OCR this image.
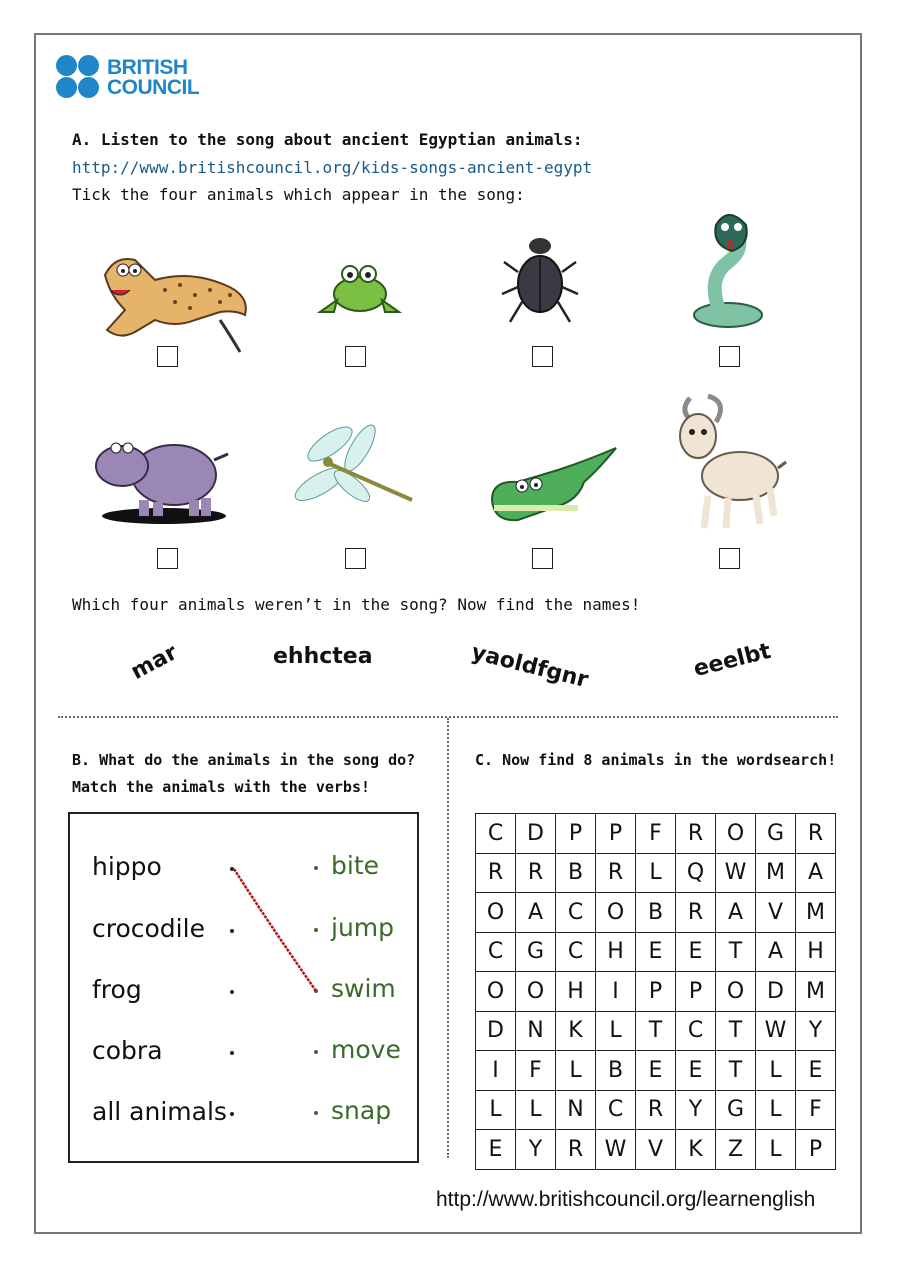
BRITISH
COUNCIL
A. Listen to the song about ancient Egyptian animals:
http://www.britishcouncil.org/kids-songs-ancient-egypt
Tick the four animals which appear in the song:
Which four animals weren’t in the song? Now find the names!
mar	ehhctea	yaoldfgnr	eeelbt
B. What do the animals in the song do?
Match the animals with the verbs!
hippo
crocodile
frog
cobra
all animals
bite
jump
swim
move
snap
C. Now find 8 animals in the wordsearch!
C	D	P	P	F	R	O	G	R
R	R	B	R	L	Q	W	M	A
O	A	C	O	B	R	A	V	M
C	G	C	H	E	E	T	A	H
O	O	H	I	P	P	O	D	M
D	N	K	L	T	C	T	W	Y
I	F	L	B	E	E	T	L	E
L	L	N	C	R	Y	G	L	F
E	Y	R	W	V	K	Z	L	P
http://www.britishcouncil.org/learnenglish
